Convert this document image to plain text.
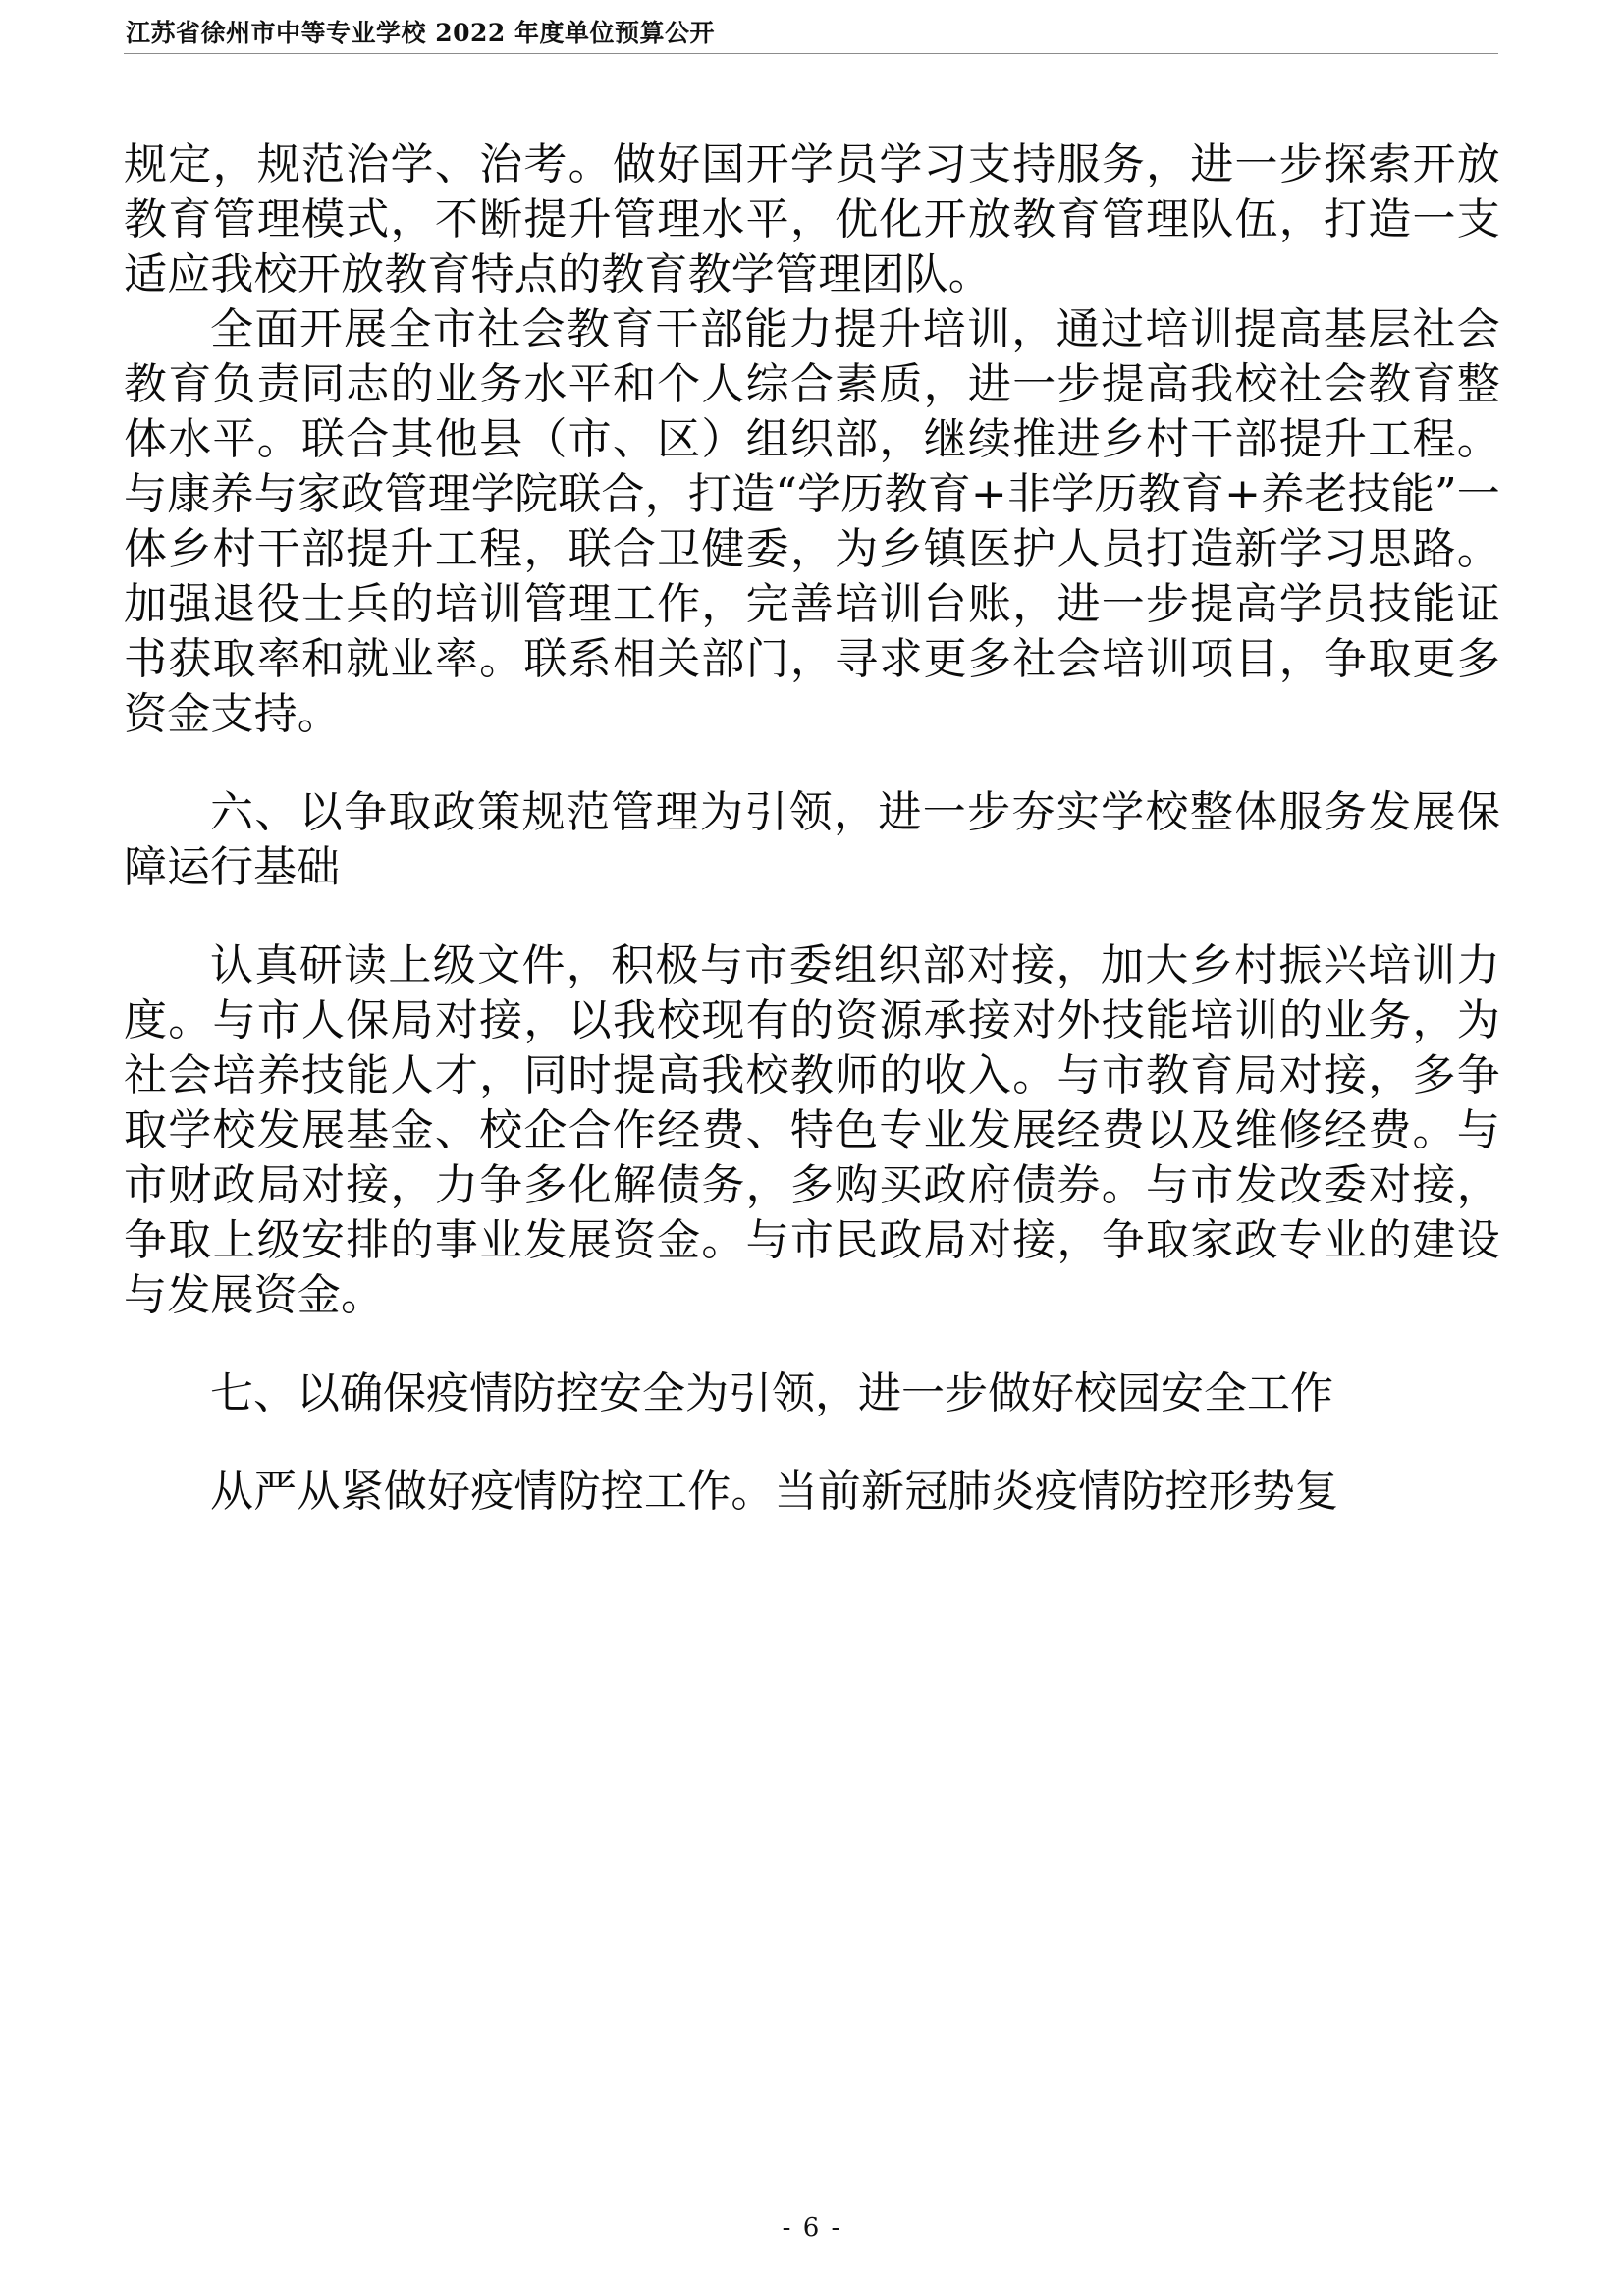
江苏省徐州市中等专业学校 2022 年度单位预算公开

规定，规范治学、治考。做好国开学员学习支持服务，进一步探索开放教育管理模式，不断提升管理水平，优化开放教育管理队伍，打造一支适应我校开放教育特点的教育教学管理团队。

全面开展全市社会教育干部能力提升培训，通过培训提高基层社会教育负责同志的业务水平和个人综合素质，进一步提高我校社会教育整体水平。联合其他县（市、区）组织部，继续推进乡村干部提升工程。与康养与家政管理学院联合，打造“学历教育+非学历教育+养老技能”一体乡村干部提升工程，联合卫健委，为乡镇医护人员打造新学习思路。加强退役士兵的培训管理工作，完善培训台账，进一步提高学员技能证书获取率和就业率。联系相关部门，寻求更多社会培训项目，争取更多资金支持。

六、以争取政策规范管理为引领，进一步夯实学校整体服务发展保障运行基础

认真研读上级文件，积极与市委组织部对接，加大乡村振兴培训力度。与市人保局对接，以我校现有的资源承接对外技能培训的业务，为社会培养技能人才，同时提高我校教师的收入。与市教育局对接，多争取学校发展基金、校企合作经费、特色专业发展经费以及维修经费。与市财政局对接，力争多化解债务，多购买政府债券。与市发改委对接，争取上级安排的事业发展资金。与市民政局对接，争取家政专业的建设与发展资金。

七、以确保疫情防控安全为引领，进一步做好校园安全工作

从严从紧做好疫情防控工作。当前新冠肺炎疫情防控形势复

- 6 -
